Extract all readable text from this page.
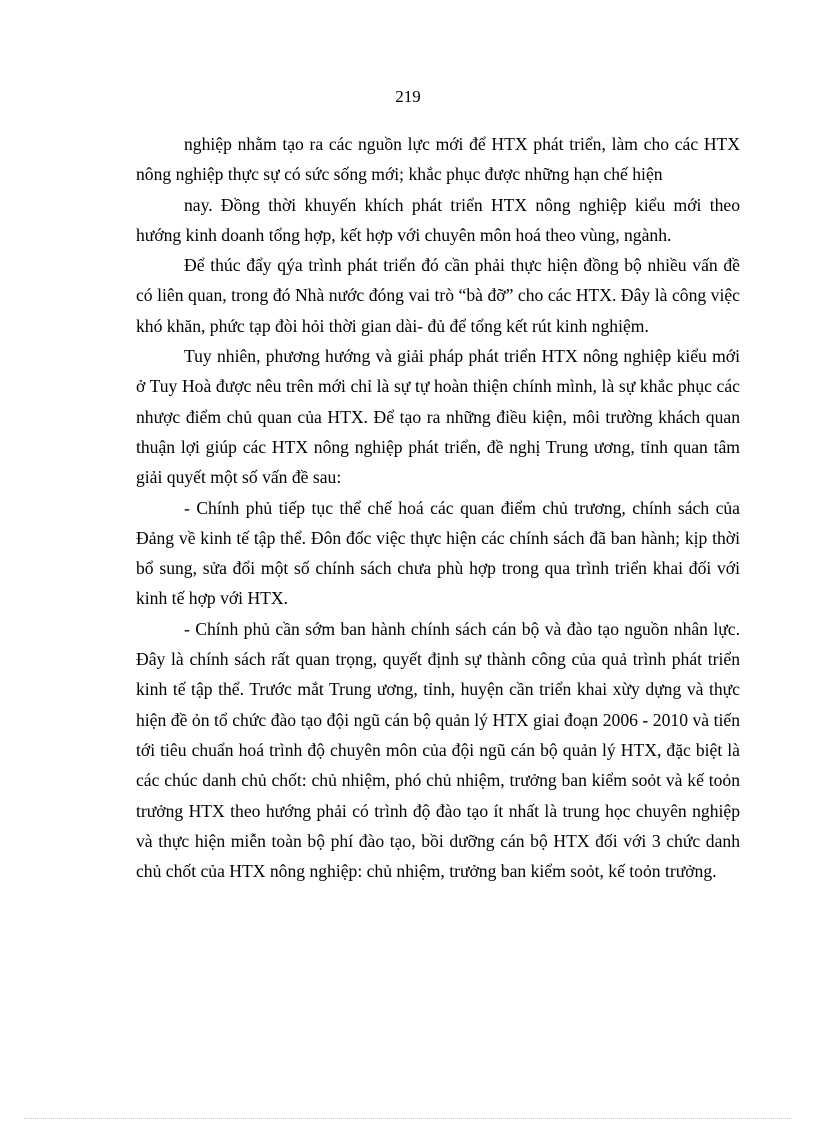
219

nghiệp nhằm tạo ra các nguồn lực mới để HTX phát triển, làm cho các HTX nông nghiệp thực sự có sức sống mới; khắc phục được những hạn chế hiện

nay. Đồng thời khuyến khích phát triển HTX nông nghiệp kiểu mới theo hướng kinh doanh tổng hợp, kết hợp với chuyên môn hoá theo vùng, ngành.

Để thúc đẩy qýa trình phát triển đó cần phải thực hiện đồng bộ nhiều vấn đề có liên quan, trong đó Nhà nước đóng vai trò “bà đỡ” cho các HTX. Đây là công việc khó khăn, phức tạp đòi hỏi thời gian dài- đủ để tổng kết rút kinh nghiệm.

Tuy nhiên, phương hướng và giải pháp phát triển HTX nông nghiệp kiểu mới ở Tuy Hoà được nêu trên mới chỉ là sự tự hoàn thiện chính mình, là sự khắc phục các nhược điểm chủ quan của HTX. Để tạo ra những điều kiện, môi trường khách quan thuận lợi giúp các HTX nông nghiệp phát triển, đề nghị Trung ương, tỉnh quan tâm giải quyết một số vấn đề sau:

- Chính phủ tiếp tục thể chế hoá các quan điểm chủ trương, chính sách của Đảng về kinh tế tập thể. Đôn đốc việc thực hiện các chính sách đã ban hành; kịp thời bổ sung, sửa đổi một số chính sách chưa phù hợp trong qua trình triển khai đối với kinh tế hợp với HTX.

- Chính phủ cần sớm ban hành chính sách cán bộ và đào tạo nguồn nhân lực. Đây là chính sách rất quan trọng, quyết định sự thành công của quả trình phát triển kinh tế tập thể. Trước mắt Trung ương, tỉnh, huyện cần triển khai xừy dựng và thực hiện đề ỏn tổ chức đào tạo đội ngũ cán bộ quản lý HTX giai đoạn 2006 - 2010 và tiến tới tiêu chuẩn hoá trình độ chuyên môn của đội ngũ cán bộ quản lý HTX, đặc biệt là các chúc danh chủ chốt: chủ nhiệm, phó chủ nhiệm, trưởng ban kiểm soỏt và kế toỏn trưởng HTX theo hướng phải có trình độ đào tạo ít nhất là trung học chuyên nghiệp và thực hiện miễn toàn bộ phí đào tạo, bồi dưỡng cán bộ HTX đối với 3 chức danh chủ chốt của HTX nông nghiệp: chủ nhiệm, trưởng ban kiểm soỏt, kế toỏn trưởng.
